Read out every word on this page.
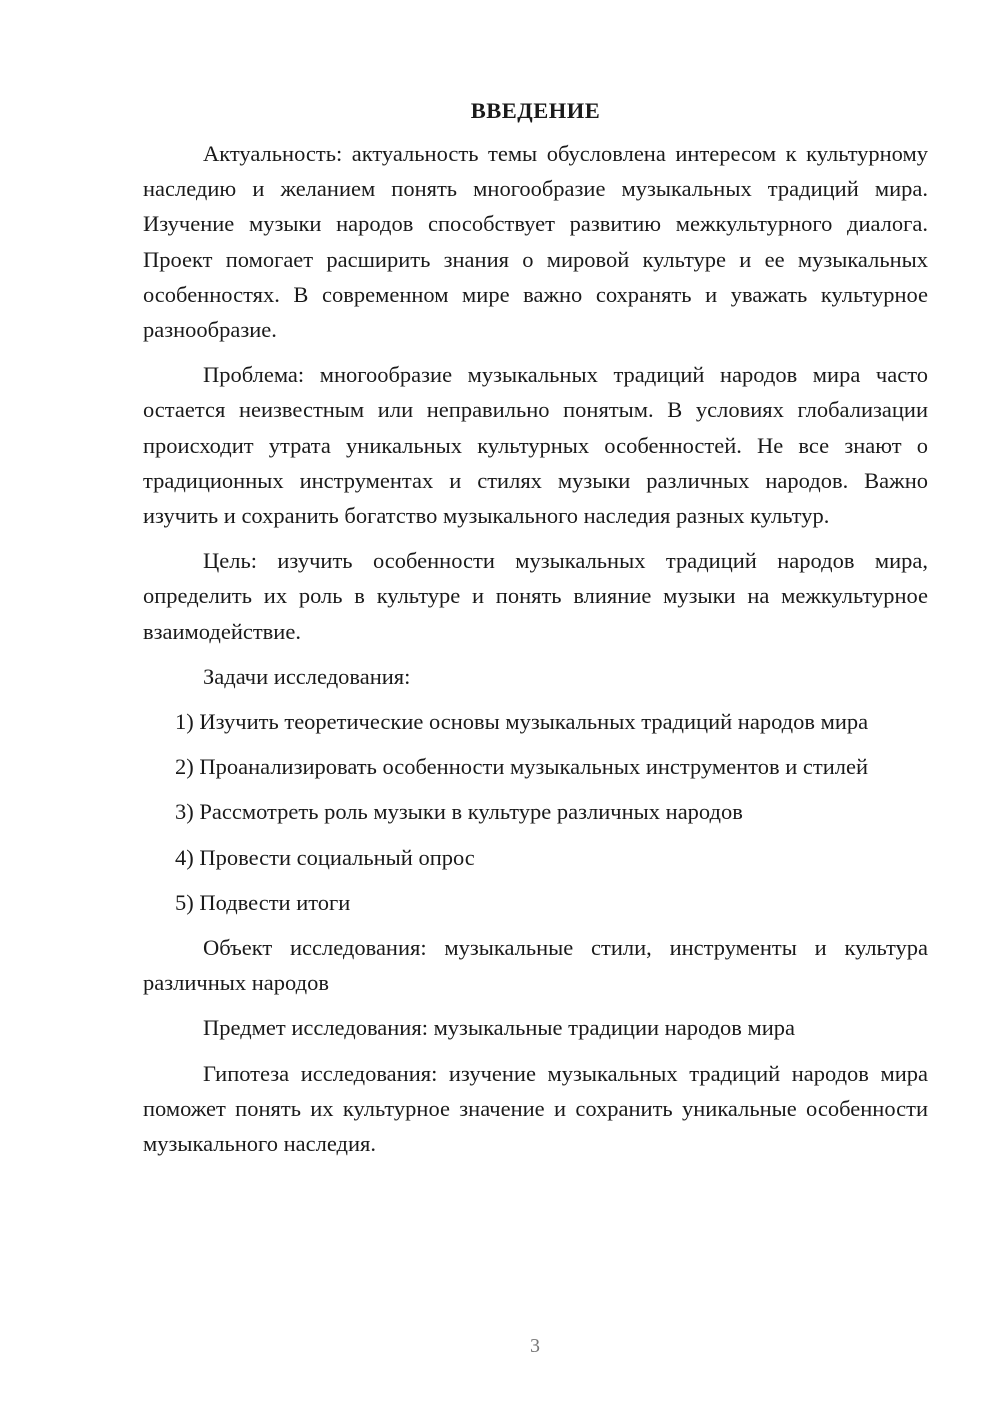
ВВЕДЕНИЕ

Актуальность: актуальность темы обусловлена интересом к культурному наследию и желанием понять многообразие музыкальных традиций мира. Изучение музыки народов способствует развитию межкультурного диалога. Проект помогает расширить знания о мировой культуре и ее музыкальных особенностях. В современном мире важно сохранять и уважать культурное разнообразие.

Проблема: многообразие музыкальных традиций народов мира часто остается неизвестным или неправильно понятым. В условиях глобализации происходит утрата уникальных культурных особенностей. Не все знают о традиционных инструментах и стилях музыки различных народов. Важно изучить и сохранить богатство музыкального наследия разных культур.

Цель: изучить особенности музыкальных традиций народов мира, определить их роль в культуре и понять влияние музыки на межкультурное взаимодействие.

Задачи исследования:

1) Изучить теоретические основы музыкальных традиций народов мира

2) Проанализировать особенности музыкальных инструментов и стилей

3) Рассмотреть роль музыки в культуре различных народов

4) Провести социальный опрос

5) Подвести итоги

Объект исследования: музыкальные стили, инструменты и культура различных народов

Предмет исследования: музыкальные традиции народов мира

Гипотеза исследования: изучение музыкальных традиций народов мира поможет понять их культурное значение и сохранить уникальные особенности музыкального наследия.

3
